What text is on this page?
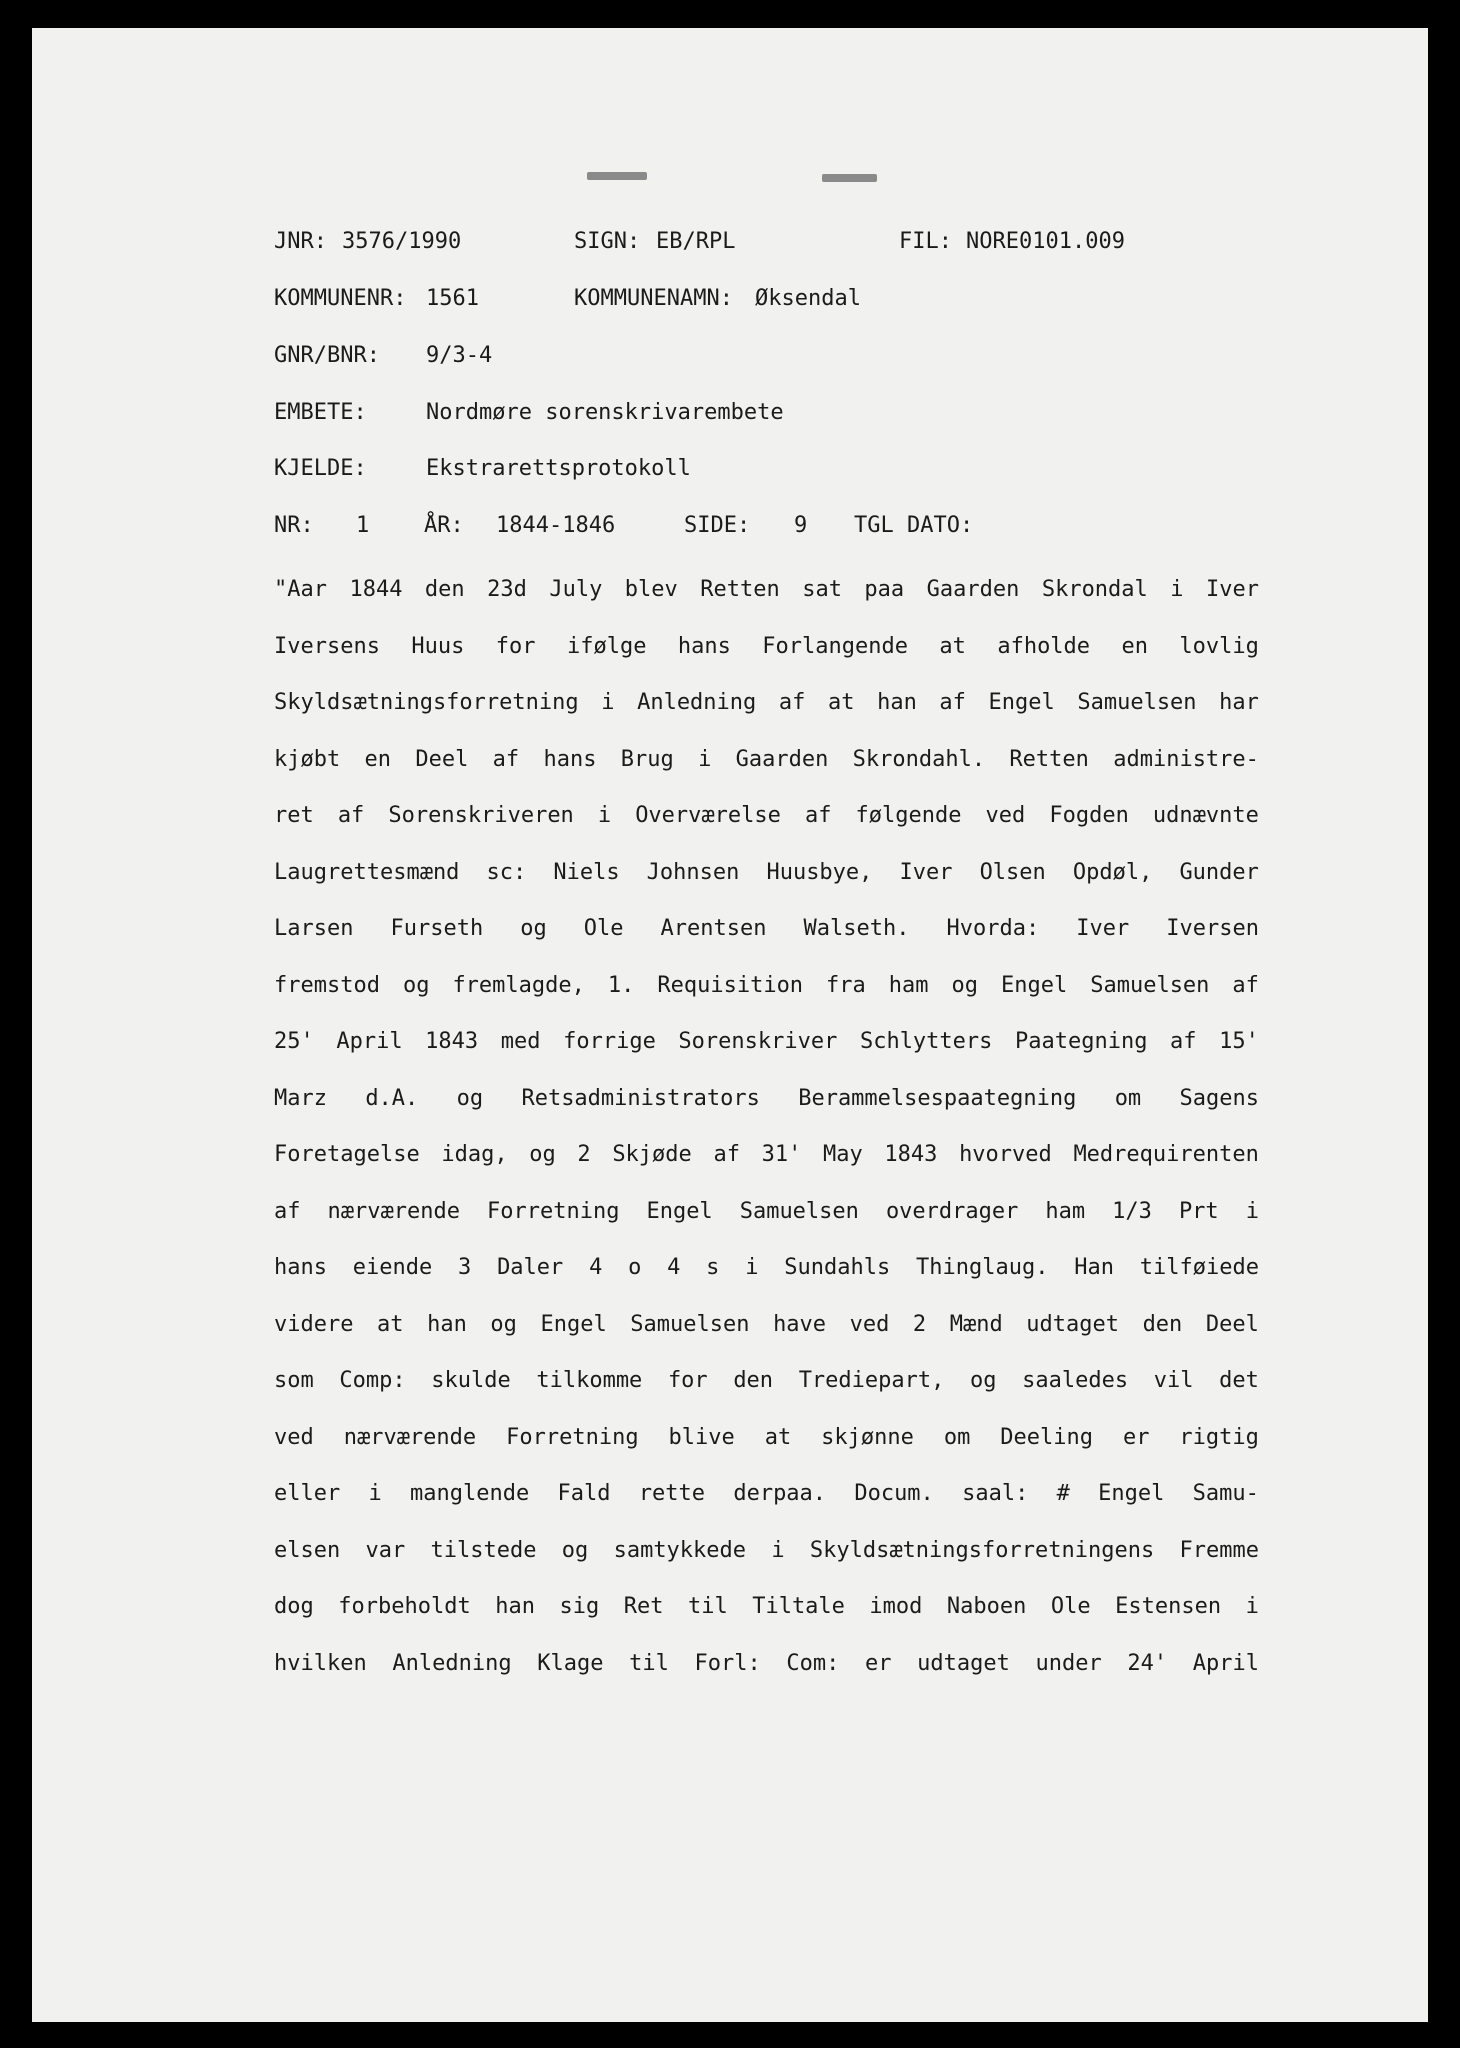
JNR:

3576/1990

	SIGN:

EB/RPL

	FIL:

NORE0101.009

KOMMUNENR:

1561

	KOMMUNENAMN:

Øksendal

GNR/BNR:

9/3-4

EMBETE:

	Nordmøre sorenskrivarembete

KJELDE:

	Ekstrarettsprotokoll

NR:

1

ÅR:

1844-1846

	SIDE:

9

TGL DATO:

"Aar 1844 den 23d July blev Retten sat paa Gaarden Skrondal i Iver
Iversens Huus for ifølge hans Forlangende at afholde en lovlig
Skyldsætningsforretning i Anledning af at han af Engel Samuelsen har
kjøbt en Deel af hans Brug i Gaarden Skrondahl. Retten administre-
ret af Sorenskriveren i Overværelse af følgende ved Fogden udnævnte
Laugrettesmænd sc: Niels Johnsen Huusbye, Iver Olsen Opdøl, Gunder
Larsen Furseth og Ole Arentsen Walseth. Hvorda: Iver Iversen
fremstod og fremlagde, 1. Requisition fra ham og Engel Samuelsen af
25' April 1843 med forrige Sorenskriver Schlytters Paategning af 15'
Marz d.A. og Retsadministrators Berammelsespaategning om Sagens
Foretagelse idag, og 2 Skjøde af 31' May 1843 hvorved Medrequirenten
af nærværende Forretning Engel Samuelsen overdrager ham 1/3 Prt i
hans eiende 3 Daler 4 o 4 s i Sundahls Thinglaug. Han tilføiede
videre at han og Engel Samuelsen have ved 2 Mænd udtaget den Deel
som Comp: skulde tilkomme for den Trediepart, og saaledes vil det
ved nærværende Forretning blive at skjønne om Deeling er rigtig
eller i manglende Fald rette derpaa. Docum. saal: # Engel Samu-
elsen var tilstede og samtykkede i Skyldsætningsforretningens Fremme
dog forbeholdt han sig Ret til Tiltale imod Naboen Ole Estensen i
hvilken Anledning Klage til Forl: Com: er udtaget under 24' April
